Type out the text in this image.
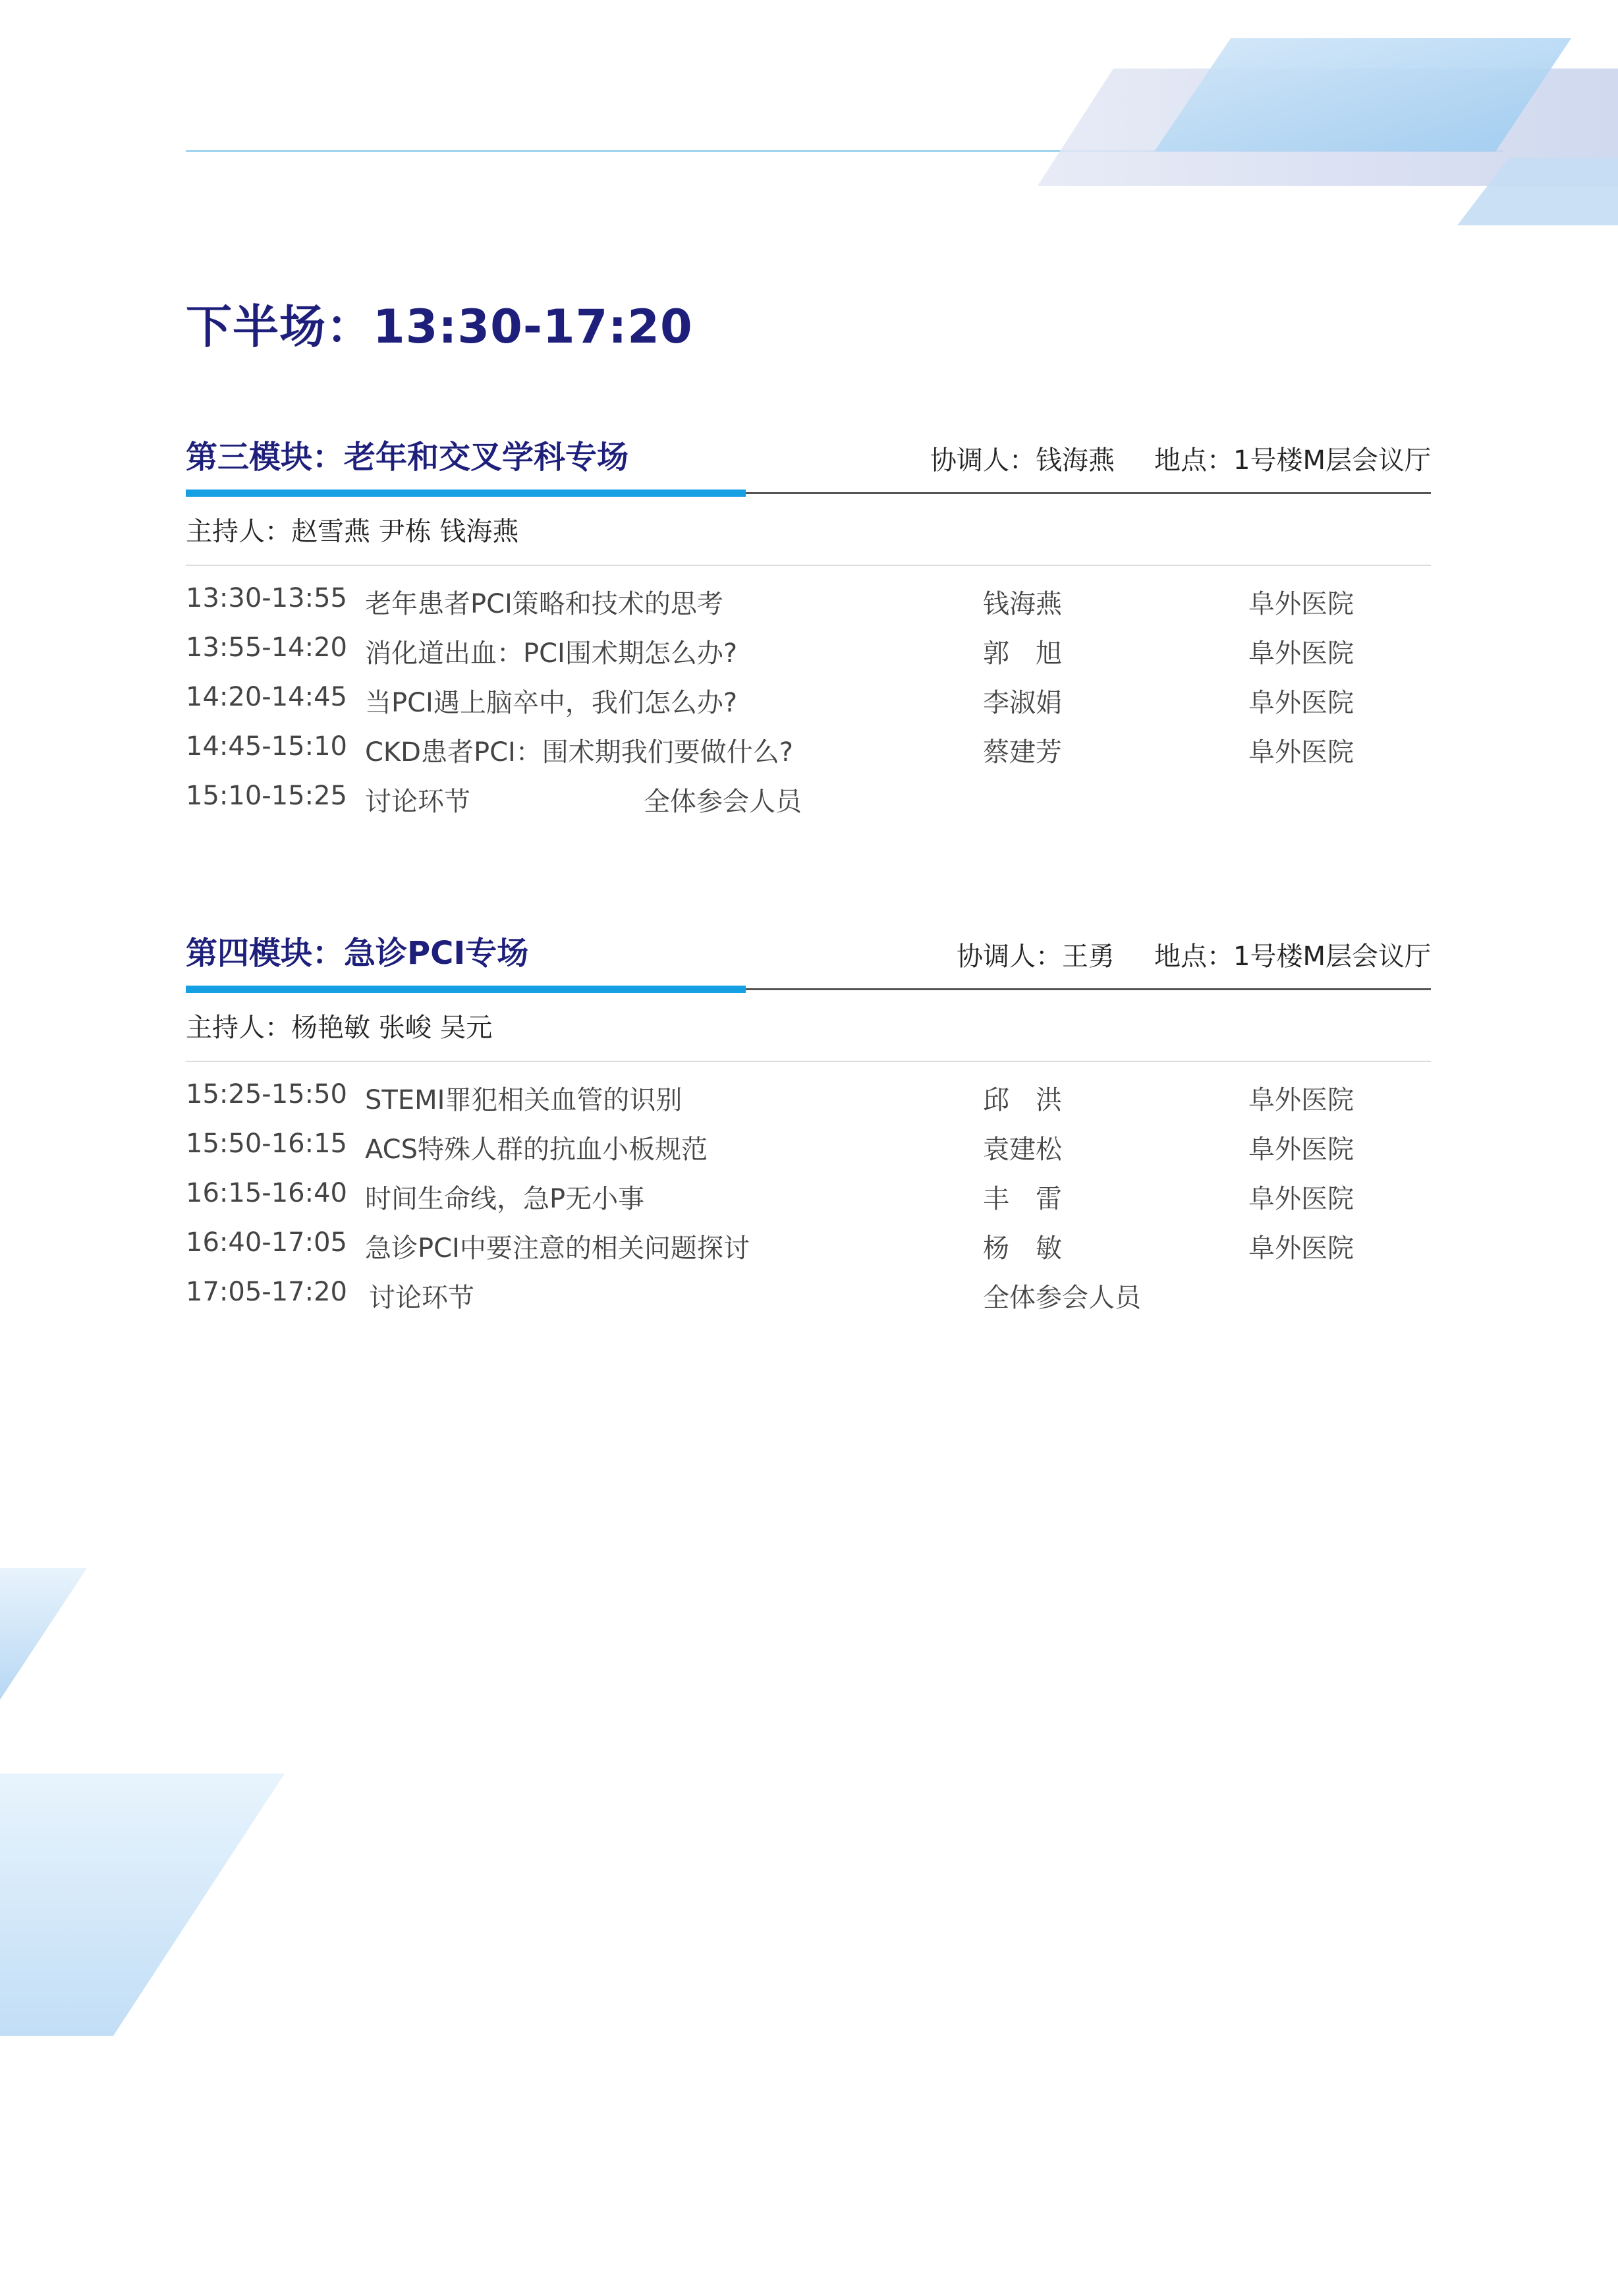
下半场：13:30-17:20
第三模块：老年和交叉学科专场	协调人：钱海燕 地点：1号楼M层会议厅
主持人：赵雪燕 尹栋 钱海燕
13:30-13:55 老年患者PCI策略和技术的思考	钱海燕	阜外医院
13:55-14:20 消化道出血：PCI围术期怎么办?	郭　旭	阜外医院
14:20-14:45 当PCI遇上脑卒中，我们怎么办?	李淑娟	阜外医院
14:45-15:10 CKD患者PCI：围术期我们要做什么?	蔡建芳	阜外医院
15:10-15:25 讨论环节	全体参会人员
第四模块：急诊PCI专场	协调人：王勇 地点：1号楼M层会议厅
主持人：杨艳敏 张峻 吴元
15:25-15:50 STEMI罪犯相关血管的识别	邱　洪	阜外医院
15:50-16:15 ACS特殊人群的抗血小板规范	袁建松	阜外医院
16:15-16:40 时间生命线，急P无小事	丰　雷	阜外医院
16:40-17:05 急诊PCI中要注意的相关问题探讨	杨　敏	阜外医院
17:05-17:20 讨论环节	全体参会人员
